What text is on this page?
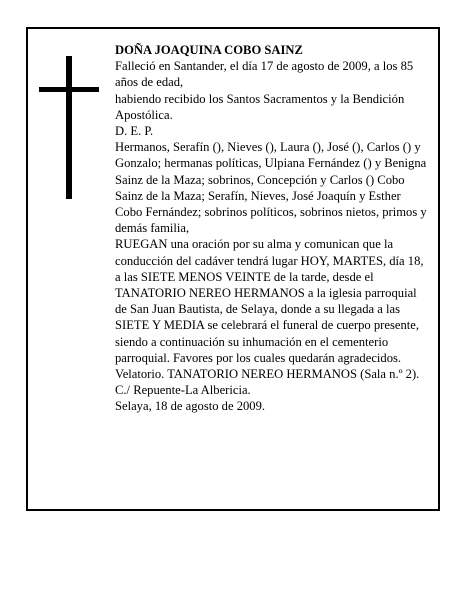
DOÑA JOAQUINA COBO SAINZ

Falleció en Santander, el día 17 de agosto de 2009, a los 85 años de edad,

habiendo recibido los Santos Sacramentos y la Bendición Apostólica.

D. E. P.

Hermanos, Serafín (), Nieves (), Laura (), José (), Carlos () y Gonzalo; hermanas políticas, Ulpiana Fernández () y Benigna Sainz de la Maza; sobrinos, Concepción y Carlos () Cobo Sainz de la Maza; Serafín, Nieves, José Joaquín y Esther Cobo Fernández; sobrinos políticos, sobrinos nietos, primos y demás familia,

RUEGAN una oración por su alma y comunican que la conducción del cadáver tendrá lugar HOY, MARTES, día 18, a las SIETE MENOS VEINTE de la tarde, desde el TANATORIO NEREO HERMANOS a la iglesia parroquial de San Juan Bautista, de Selaya, donde a su llegada a las SIETE Y MEDIA se celebrará el funeral de cuerpo presente, siendo a continuación su inhumación en el cementerio parroquial. Favores por los cuales quedarán agradecidos.

Velatorio. TANATORIO NEREO HERMANOS (Sala n.º 2). C./ Repuente-La Albericia.

Selaya, 18 de agosto de 2009.
